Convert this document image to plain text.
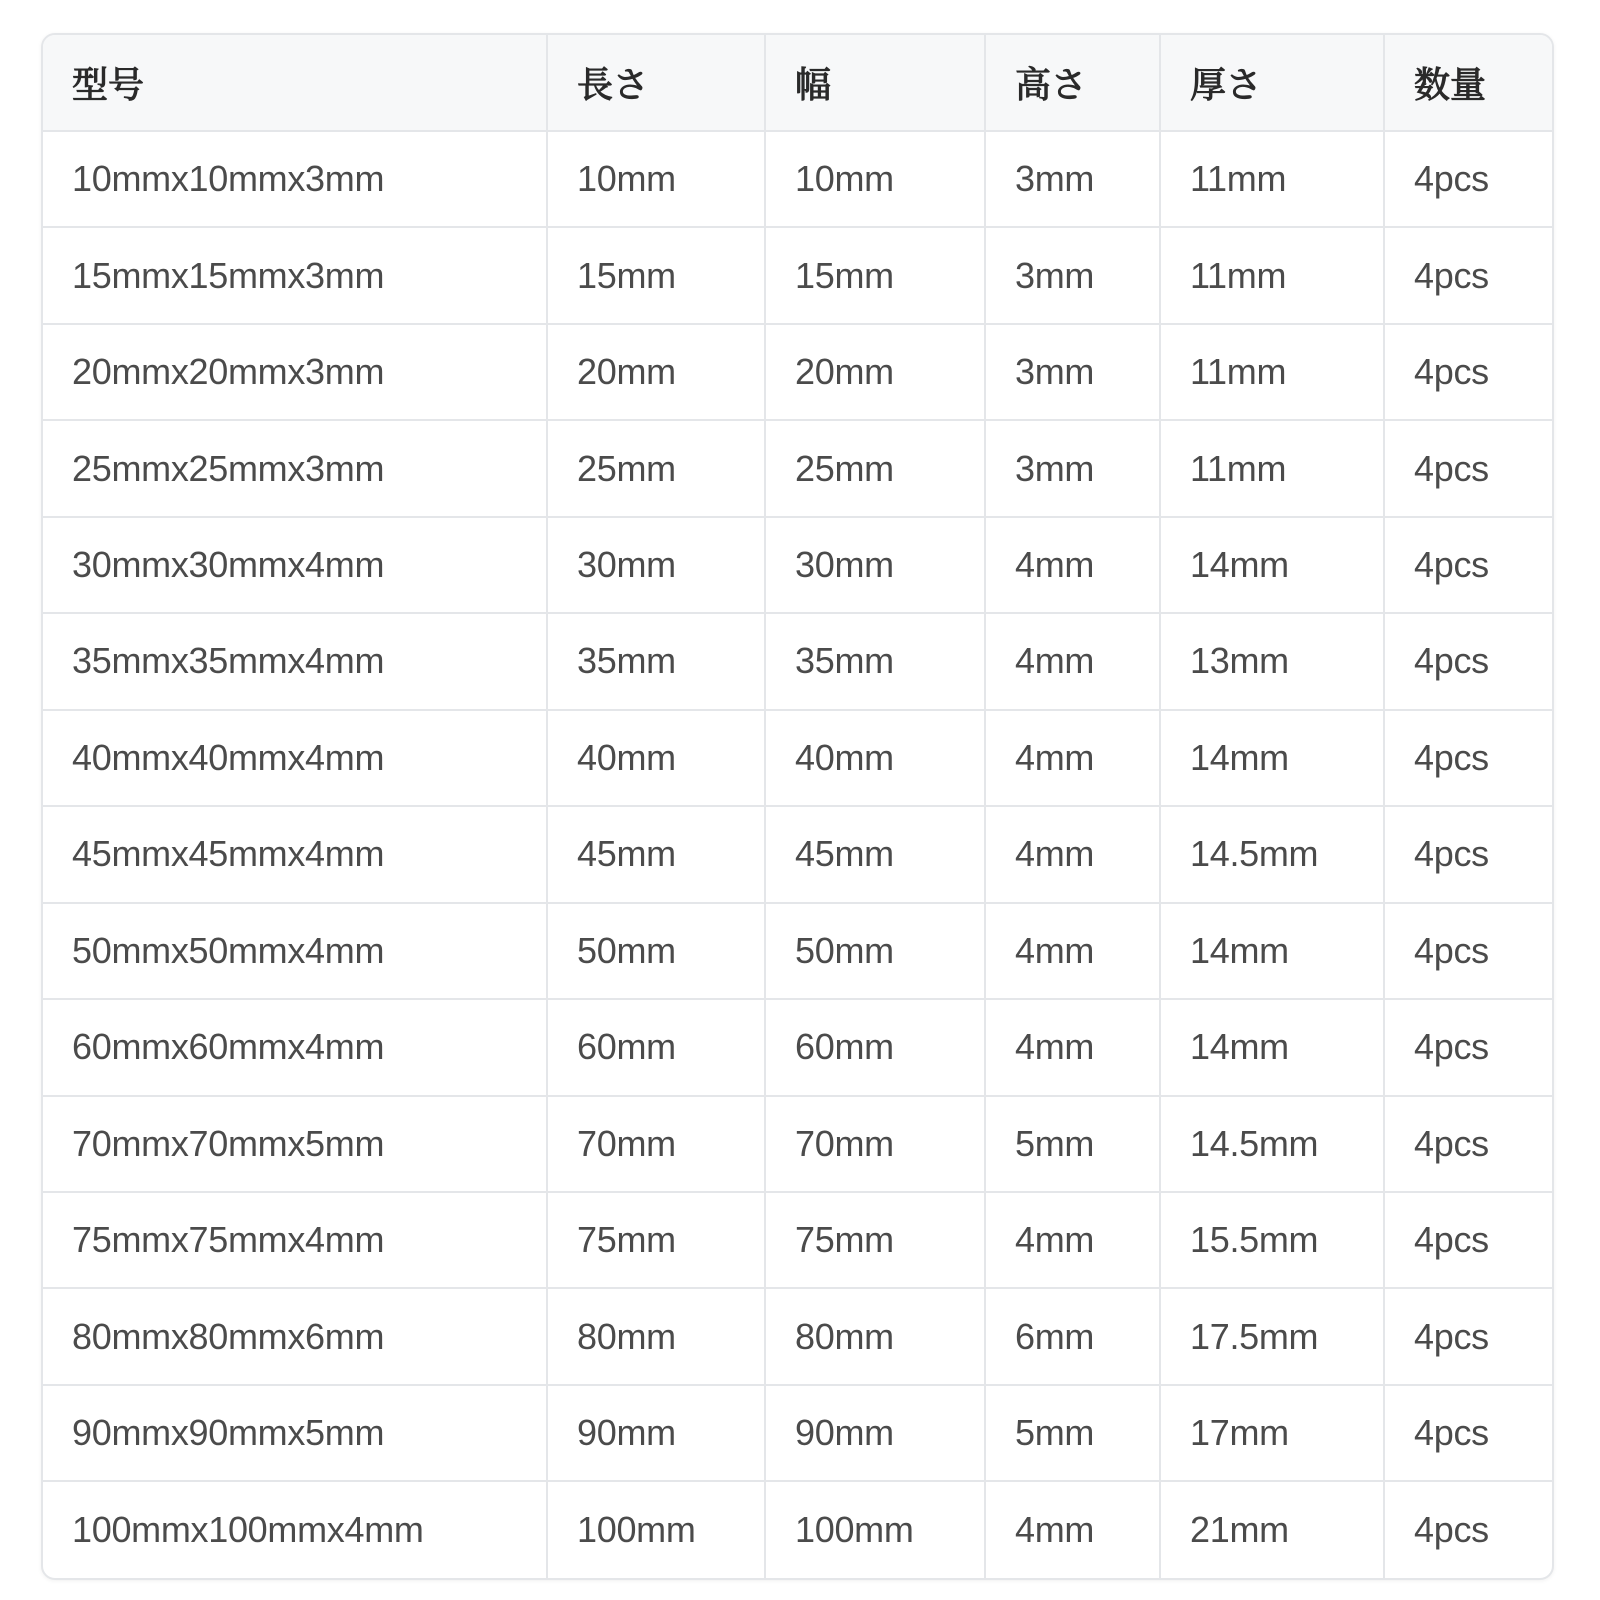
型号	長さ	幅	高さ	厚さ	数量
10mmx10mmx3mm	10mm	10mm	3mm	11mm	4pcs
15mmx15mmx3mm	15mm	15mm	3mm	11mm	4pcs
20mmx20mmx3mm	20mm	20mm	3mm	11mm	4pcs
25mmx25mmx3mm	25mm	25mm	3mm	11mm	4pcs
30mmx30mmx4mm	30mm	30mm	4mm	14mm	4pcs
35mmx35mmx4mm	35mm	35mm	4mm	13mm	4pcs
40mmx40mmx4mm	40mm	40mm	4mm	14mm	4pcs
45mmx45mmx4mm	45mm	45mm	4mm	14.5mm	4pcs
50mmx50mmx4mm	50mm	50mm	4mm	14mm	4pcs
60mmx60mmx4mm	60mm	60mm	4mm	14mm	4pcs
70mmx70mmx5mm	70mm	70mm	5mm	14.5mm	4pcs
75mmx75mmx4mm	75mm	75mm	4mm	15.5mm	4pcs
80mmx80mmx6mm	80mm	80mm	6mm	17.5mm	4pcs
90mmx90mmx5mm	90mm	90mm	5mm	17mm	4pcs
100mmx100mmx4mm	100mm	100mm	4mm	21mm	4pcs
